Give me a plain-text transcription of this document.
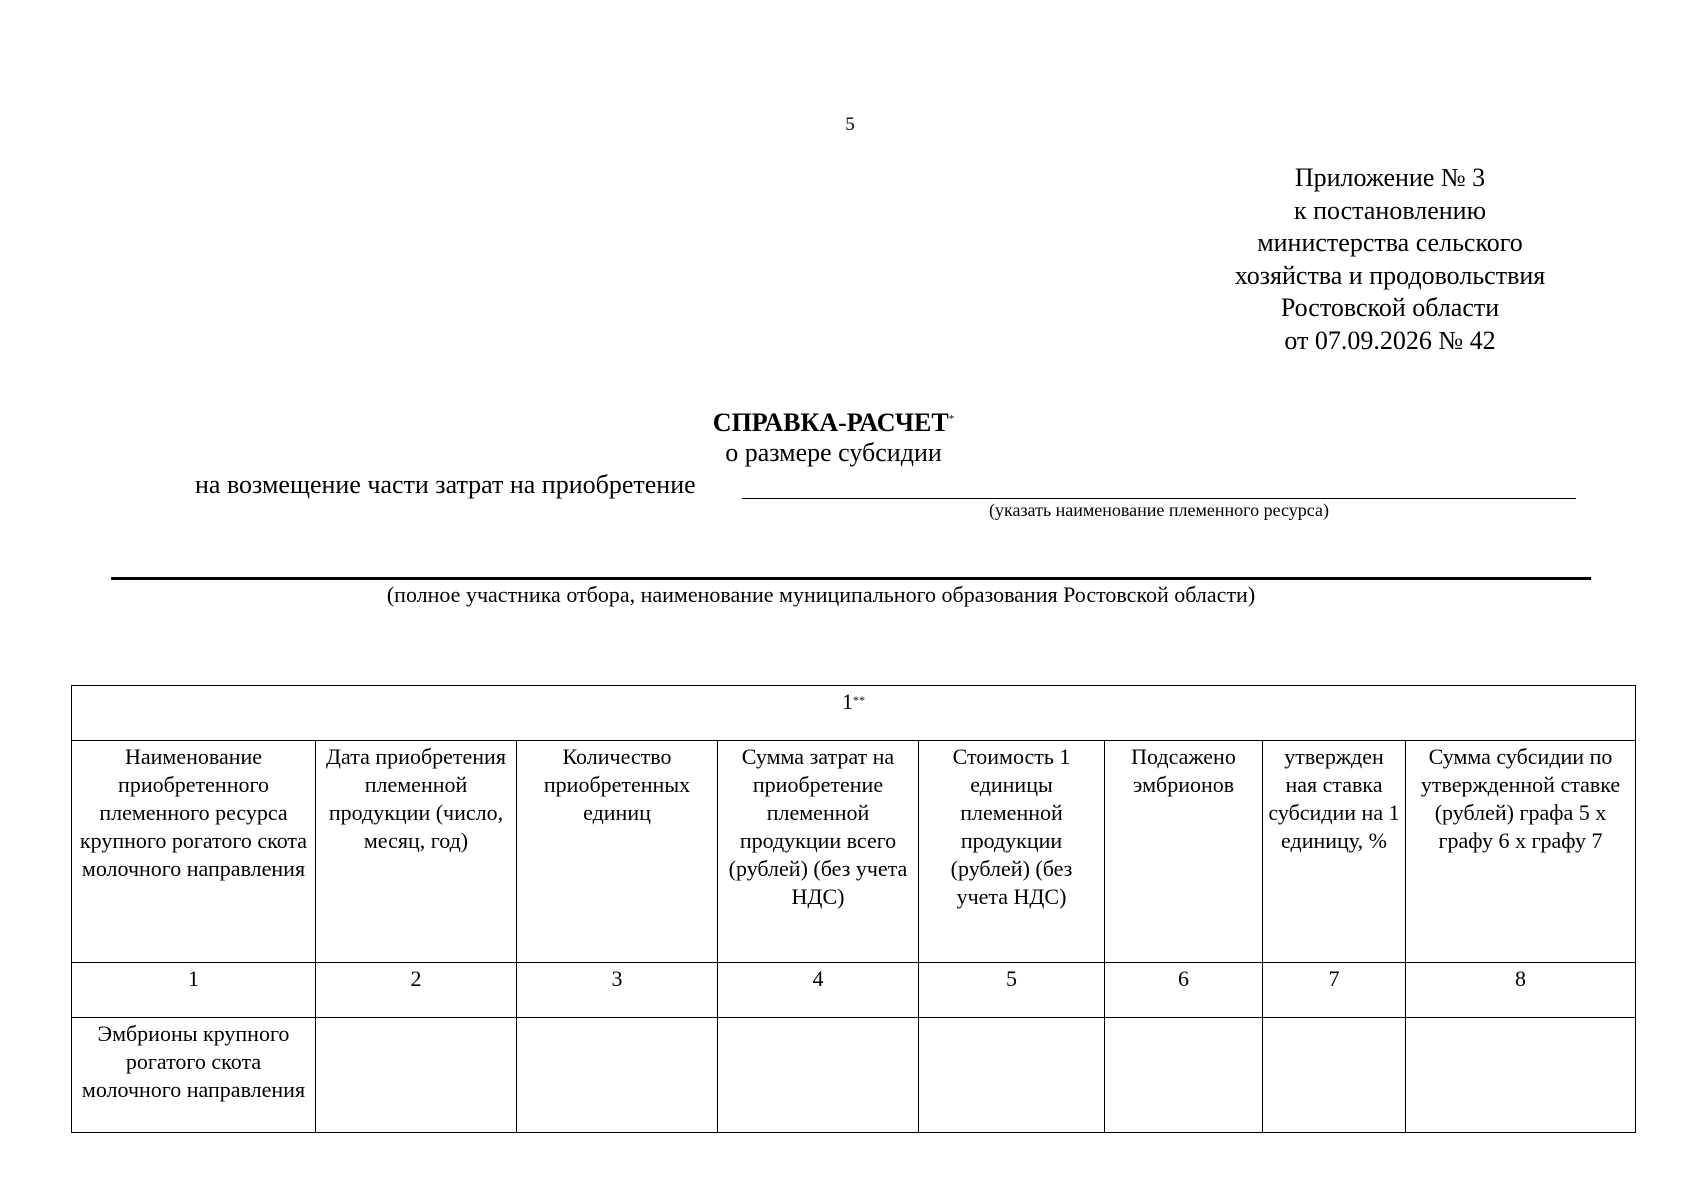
5
Приложение № 3
к постановлению
министерства сельского
хозяйства и продовольствия
Ростовской области
от 07.09.2026 № 42
СПРАВКА-РАСЧЕТ*
о размере субсидии
на возмещение части затрат на приобретение
(указать наименование племенного ресурса)
(полное участника отбора, наименование муниципального образования Ростовской области)
1**
Наименование приобретенного племенного ресурса крупного рогатого скота молочного направления	Дата приобретения племенной продукции (число, месяц, год)	Количество приобретенных единиц	Сумма затрат на приобретение племенной продукции всего (рублей) (без учета НДС)	Стоимость 1 единицы племенной продукции (рублей) (без учета НДС)	Подсажено эмбрионов	утвержден ная ставка субсидии на 1 единицу, %	Сумма субсидии по утвержденной ставке (рублей) графа 5 х графу 6 х графу 7
1	2	3	4	5	6	7	8
Эмбрионы крупного рогатого скота молочного направления							
